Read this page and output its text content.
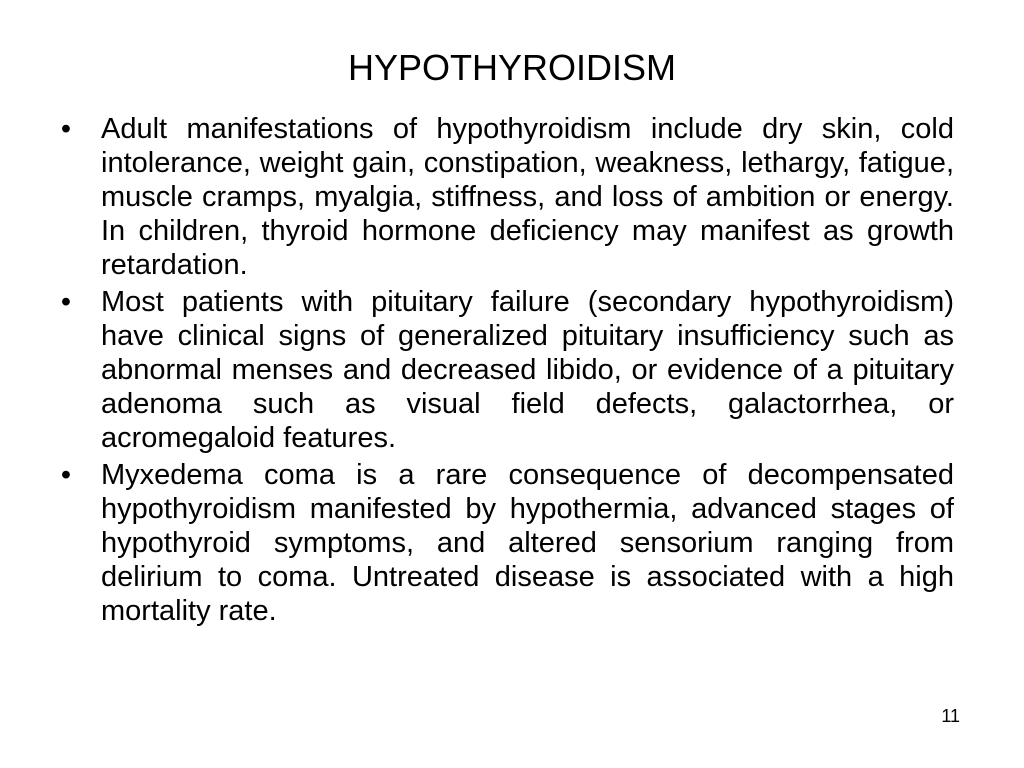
HYPOTHYROIDISM
• Adult manifestations of hypothyroidism include dry skin, cold intolerance, weight gain, constipation, weakness, lethargy, fatigue, muscle cramps, myalgia, stiffness, and loss of ambition or energy. In children, thyroid hormone deficiency may manifest as growth retardation.
• Most patients with pituitary failure (secondary hypothyroidism) have clinical signs of generalized pituitary insufficiency such as abnormal menses and decreased libido, or evidence of a pituitary adenoma such as visual field defects, galactorrhea, or acromegaloid features.
• Myxedema coma is a rare consequence of decompensated hypothyroidism manifested by hypothermia, advanced stages of hypothyroid symptoms, and altered sensorium ranging from delirium to coma. Untreated disease is associated with a high mortality rate.
11
